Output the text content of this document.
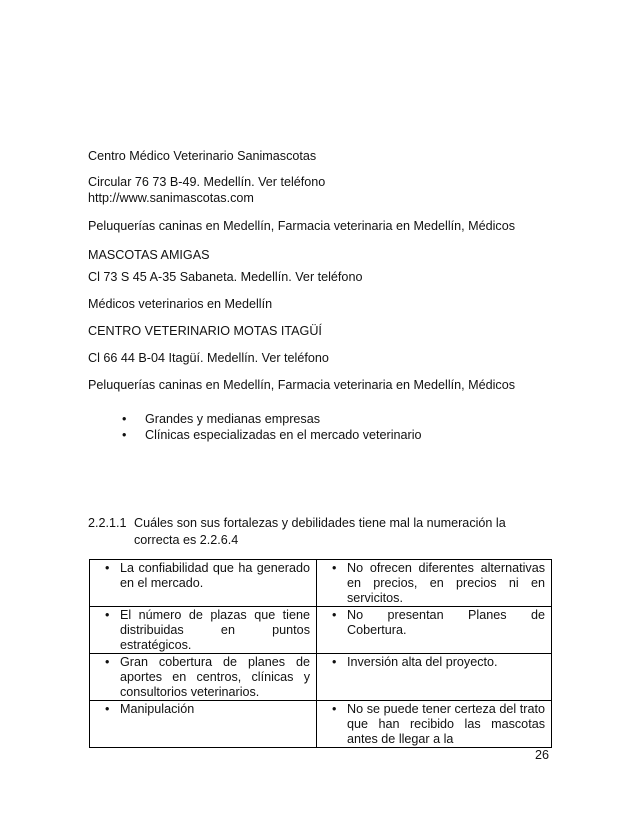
Centro Médico Veterinario Sanimascotas
Circular 76 73 B-49. Medellín. Ver teléfono
http://www.sanimascotas.com
Peluquerías caninas en Medellín, Farmacia veterinaria en Medellín, Médicos
MASCOTAS AMIGAS
Cl 73 S 45 A-35 Sabaneta. Medellín. Ver teléfono
Médicos veterinarios en Medellín
CENTRO VETERINARIO MOTAS ITAGÜÍ
Cl 66 44 B-04 Itagüí. Medellín. Ver teléfono
Peluquerías caninas en Medellín, Farmacia veterinaria en Medellín, Médicos
• Grandes y medianas empresas
• Clínicas especializadas en el mercado veterinario
2.2.1.1 Cuáles son sus fortalezas y debilidades tiene mal la numeración la
correcta es 2.2.6.4
• La confiabilidad que ha generado en el mercado.	• No ofrecen diferentes alternativas en precios, en precios ni en servicitos.

• El número de plazas que tiene distribuidas en puntos estratégicos.	• No presentan Planes de Cobertura.

• Gran cobertura de planes de aportes en centros, clínicas y consultorios veterinarios.	• Inversión alta del proyecto.

• Manipulación	• No se puede tener certeza del trato que han recibido las mascotas antes de llegar a la
26
